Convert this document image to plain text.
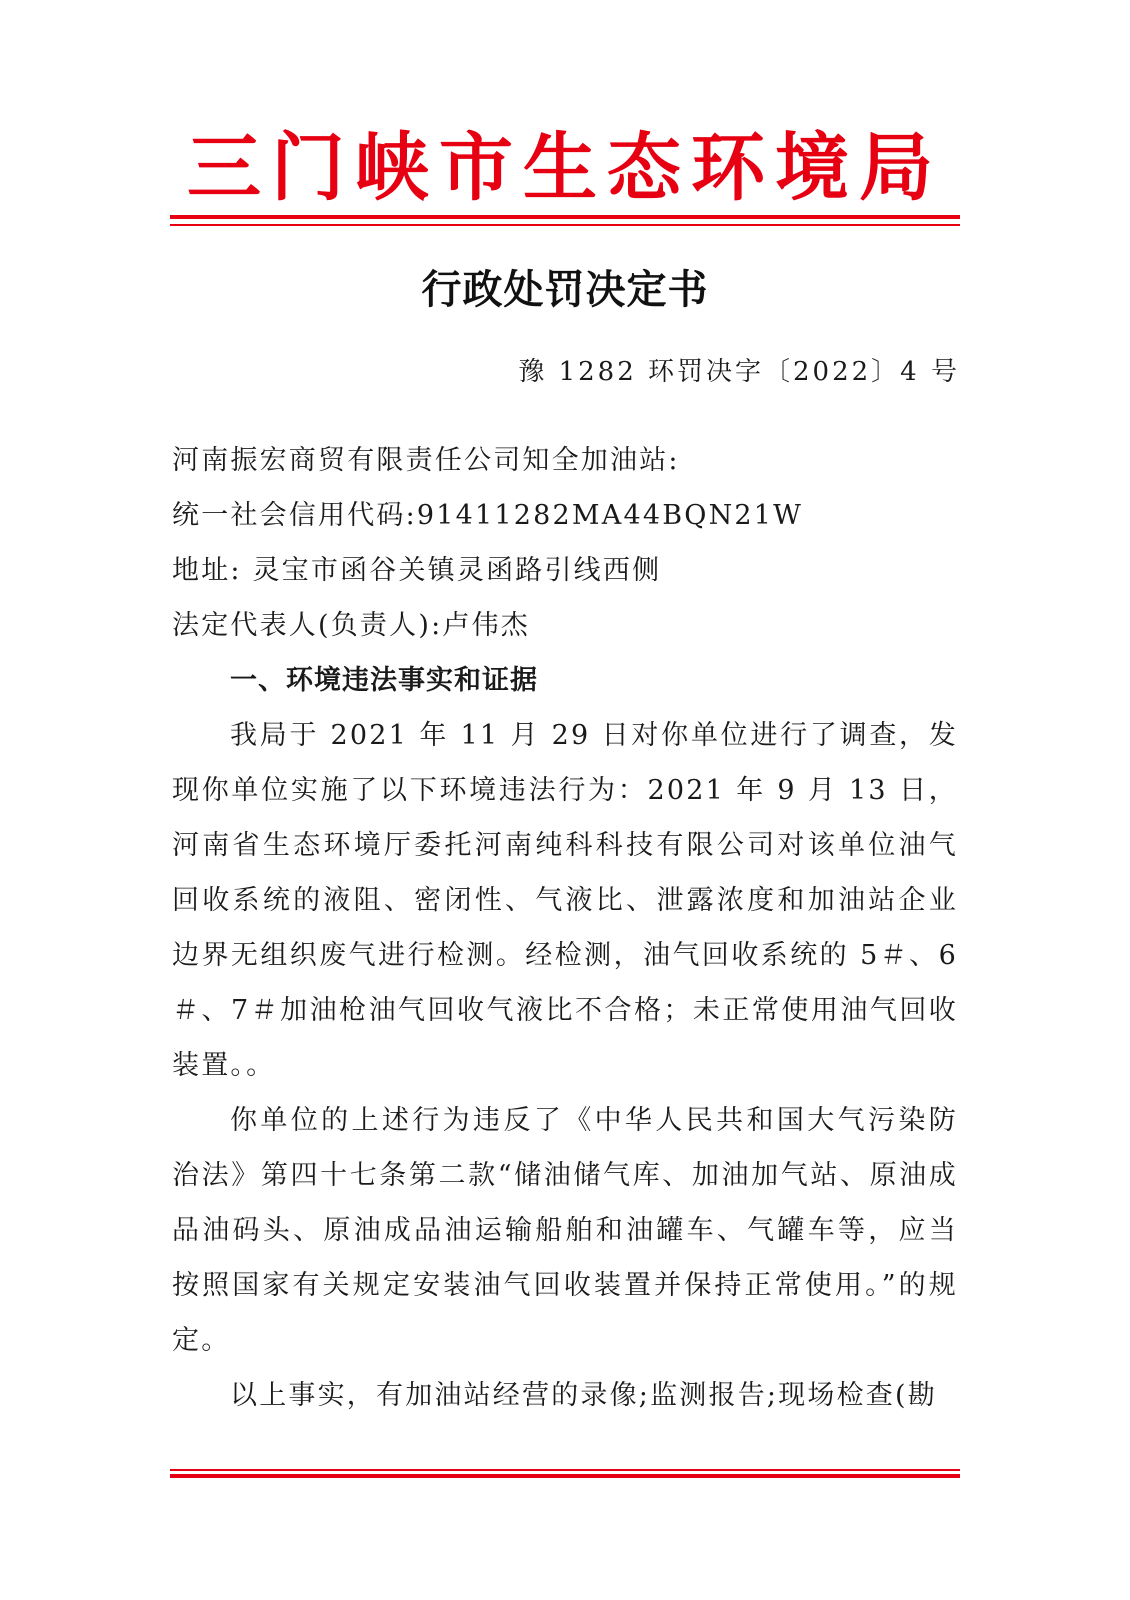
三门峡市生态环境局
行政处罚决定书
豫 1282 环罚决字〔2022〕4 号

河南振宏商贸有限责任公司知全加油站:

统一社会信用代码:91411282MA44BQN21W

地址: 灵宝市函谷关镇灵函路引线西侧

法定代表人(负责人):卢伟杰

一、环境违法事实和证据

我局于 2021 年 11 月 29 日对你单位进行了调查，发现你单位实施了以下环境违法行为：2021 年 9 月 13 日，河南省生态环境厅委托河南纯科科技有限公司对该单位油气回收系统的液阻、密闭性、气液比、泄露浓度和加油站企业边界无组织废气进行检测。经检测，油气回收系统的 5＃、6＃、7＃加油枪油气回收气液比不合格；未正常使用油气回收装置。。

你单位的上述行为违反了《中华人民共和国大气污染防治法》第四十七条第二款“储油储气库、加油加气站、原油成品油码头、原油成品油运输船舶和油罐车、气罐车等，应当按照国家有关规定安装油气回收装置并保持正常使用。”的规定。

以上事实，有加油站经营的录像;监测报告;现场检查(勘
